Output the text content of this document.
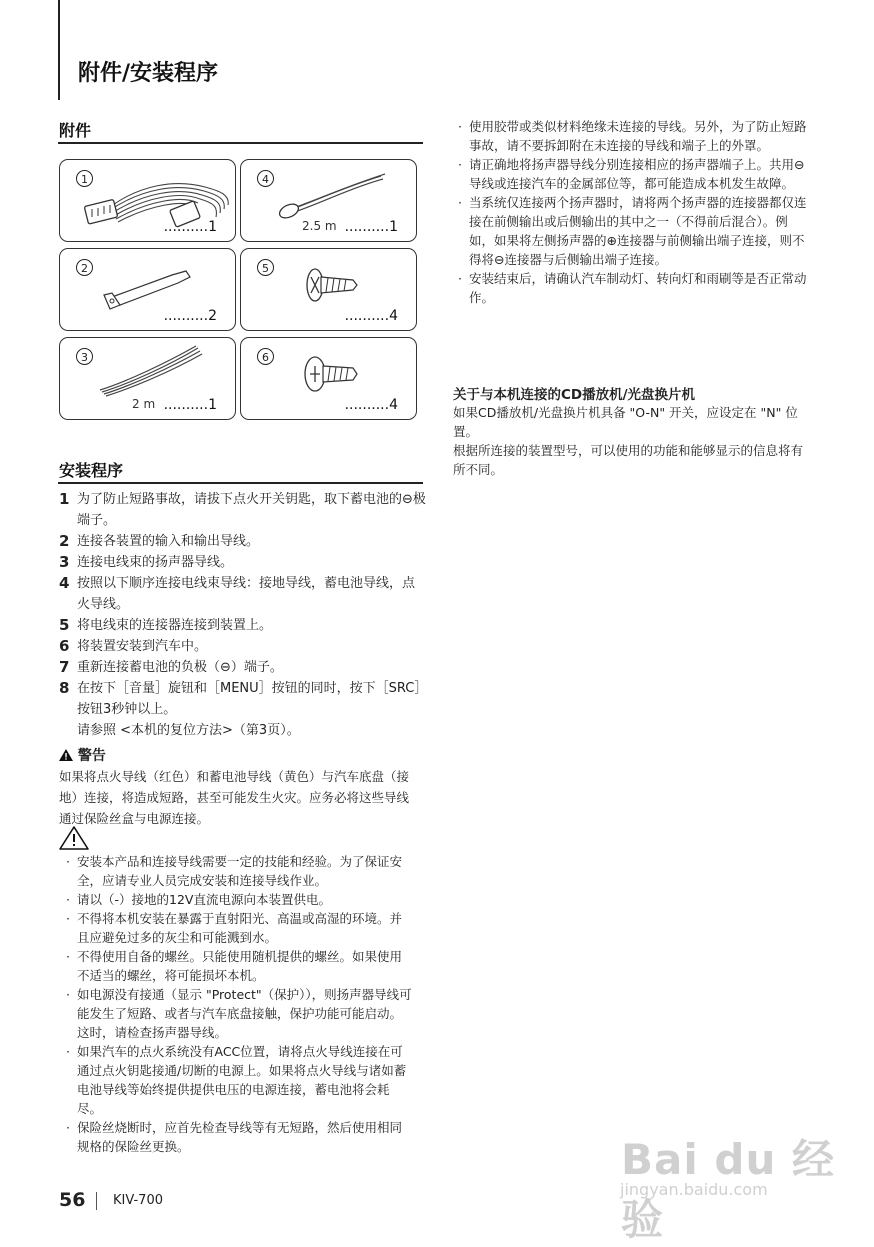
附件/安装程序
附件
1
..........1
4
2.5 m ..........1
2
..........2
5
..........4
3
2 m ..........1
6
..........4
安装程序
1 为了防止短路事故，请拔下点火开关钥匙，取下蓄电池的⊖极端子。
2 连接各装置的输入和输出导线。
3 连接电线束的扬声器导线。
4 按照以下顺序连接电线束导线：接地导线，蓄电池导线，点火导线。
5 将电线束的连接器连接到装置上。
6 将装置安装到汽车中。
7 重新连接蓄电池的负极（⊖）端子。
8 在按下［音量］旋钮和［MENU］按钮的同时，按下［SRC］按钮3秒钟以上。
请参照 <本机的复位方法>（第3页）。
警告
如果将点火导线（红色）和蓄电池导线（黄色）与汽车底盘（接地）连接，将造成短路，甚至可能发生火灾。应务必将这些导线通过保险丝盒与电源连接。
· 安装本产品和连接导线需要一定的技能和经验。为了保证安全，应请专业人员完成安装和连接导线作业。
· 请以（-）接地的12V直流电源向本装置供电。
· 不得将本机安装在暴露于直射阳光、高温或高湿的环境。并且应避免过多的灰尘和可能溅到水。
· 不得使用自备的螺丝。只能使用随机提供的螺丝。如果使用不适当的螺丝，将可能损坏本机。
· 如电源没有接通（显示 "Protect"（保护）），则扬声器导线可能发生了短路、或者与汽车底盘接触，保护功能可能启动。这时，请检查扬声器导线。
· 如果汽车的点火系统没有ACC位置，请将点火导线连接在可通过点火钥匙接通/切断的电源上。如果将点火导线与诸如蓄电池导线等始终提供提供电压的电源连接，蓄电池将会耗尽。
· 保险丝烧断时，应首先检查导线等有无短路，然后使用相同规格的保险丝更换。
· 使用胶带或类似材料绝缘未连接的导线。另外，为了防止短路事故，请不要拆卸附在未连接的导线和端子上的外罩。
· 请正确地将扬声器导线分别连接相应的扬声器端子上。共用⊖导线或连接汽车的金属部位等，都可能造成本机发生故障。
· 当系统仅连接两个扬声器时，请将两个扬声器的连接器都仅连接在前侧输出或后侧输出的其中之一（不得前后混合）。例如，如果将左侧扬声器的⊕连接器与前侧输出端子连接，则不得将⊖连接器与后侧输出端子连接。
· 安装结束后，请确认汽车制动灯、转向灯和雨刷等是否正常动作。
关于与本机连接的CD播放机/光盘换片机
如果CD播放机/光盘换片机具备 "O-N" 开关，应设定在 "N" 位置。
根据所连接的装置型号，可以使用的功能和能够显示的信息将有所不同。
56 KIV-700
Bai du 经验
jingyan.baidu.com
